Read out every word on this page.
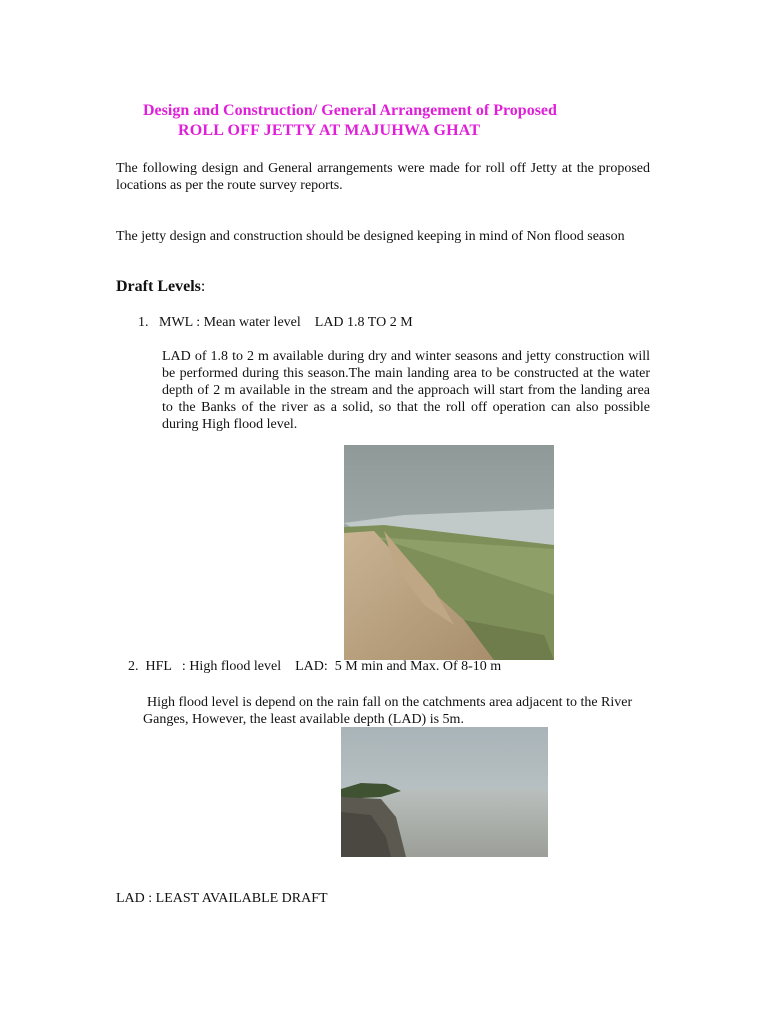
Design and Construction/ General Arrangement of Proposed
ROLL OFF JETTY AT MAJUHWA GHAT
The following design and General arrangements were made for roll off Jetty at the proposed locations as per the route survey reports.
The jetty design and construction should be designed keeping in mind of Non flood season
Draft Levels:
1. MWL : Mean water level LAD 1.8 TO 2 M
LAD of 1.8 to 2 m available during dry and winter seasons and jetty construction will be performed during this season.The main landing area to be constructed at the water depth of 2 m available in the stream and the approach will start from the landing area to the Banks of the river as a solid, so that the roll off operation can also possible during High flood level.
2. HFL   : High flood level LAD:  5 M min and Max. Of 8-10 m
High flood level is depend on the rain fall on the catchments area adjacent to the River Ganges, However, the least available depth (LAD) is 5m.
LAD : LEAST AVAILABLE DRAFT
